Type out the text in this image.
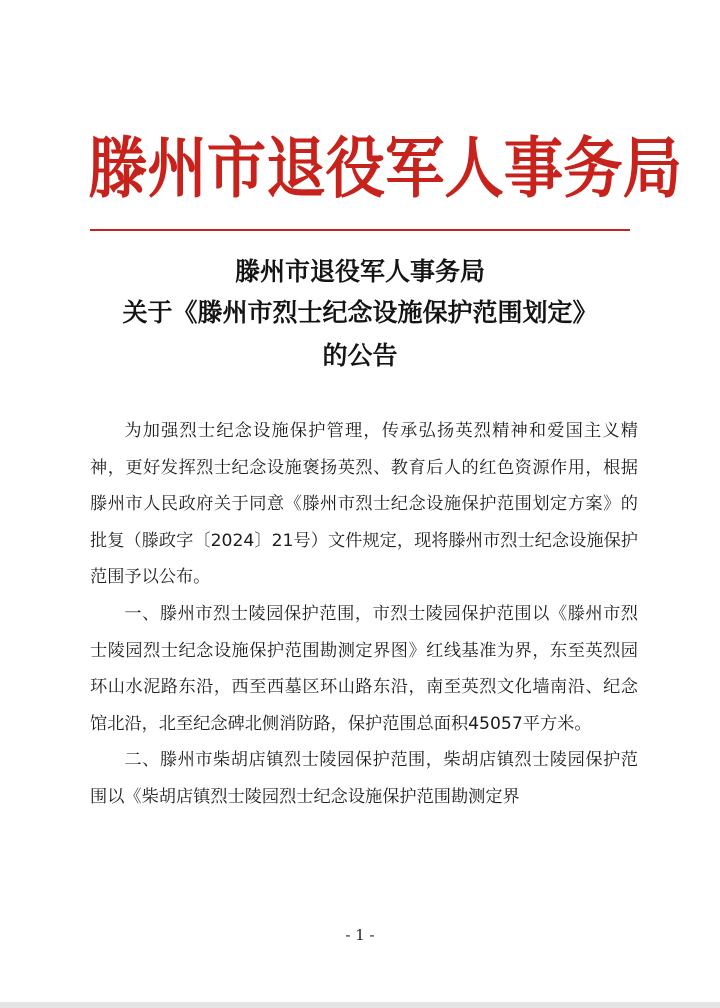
滕州市退役军人事务局
滕州市退役军人事务局
关于《滕州市烈士纪念设施保护范围划定》
的公告

为加强烈士纪念设施保护管理，传承弘扬英烈精神和爱国主义精神，更好发挥烈士纪念设施褒扬英烈、教育后人的红色资源作用，根据滕州市人民政府关于同意《滕州市烈士纪念设施保护范围划定方案》的批复（滕政字〔2024〕21号）文件规定，现将滕州市烈士纪念设施保护范围予以公布。

一、滕州市烈士陵园保护范围，市烈士陵园保护范围以《滕州市烈士陵园烈士纪念设施保护范围勘测定界图》红线基准为界，东至英烈园环山水泥路东沿，西至西墓区环山路东沿，南至英烈文化墙南沿、纪念馆北沿，北至纪念碑北侧消防路，保护范围总面积45057平方米。

二、滕州市柴胡店镇烈士陵园保护范围，柴胡店镇烈士陵园保护范围以《柴胡店镇烈士陵园烈士纪念设施保护范围勘测定界

- 1 -
